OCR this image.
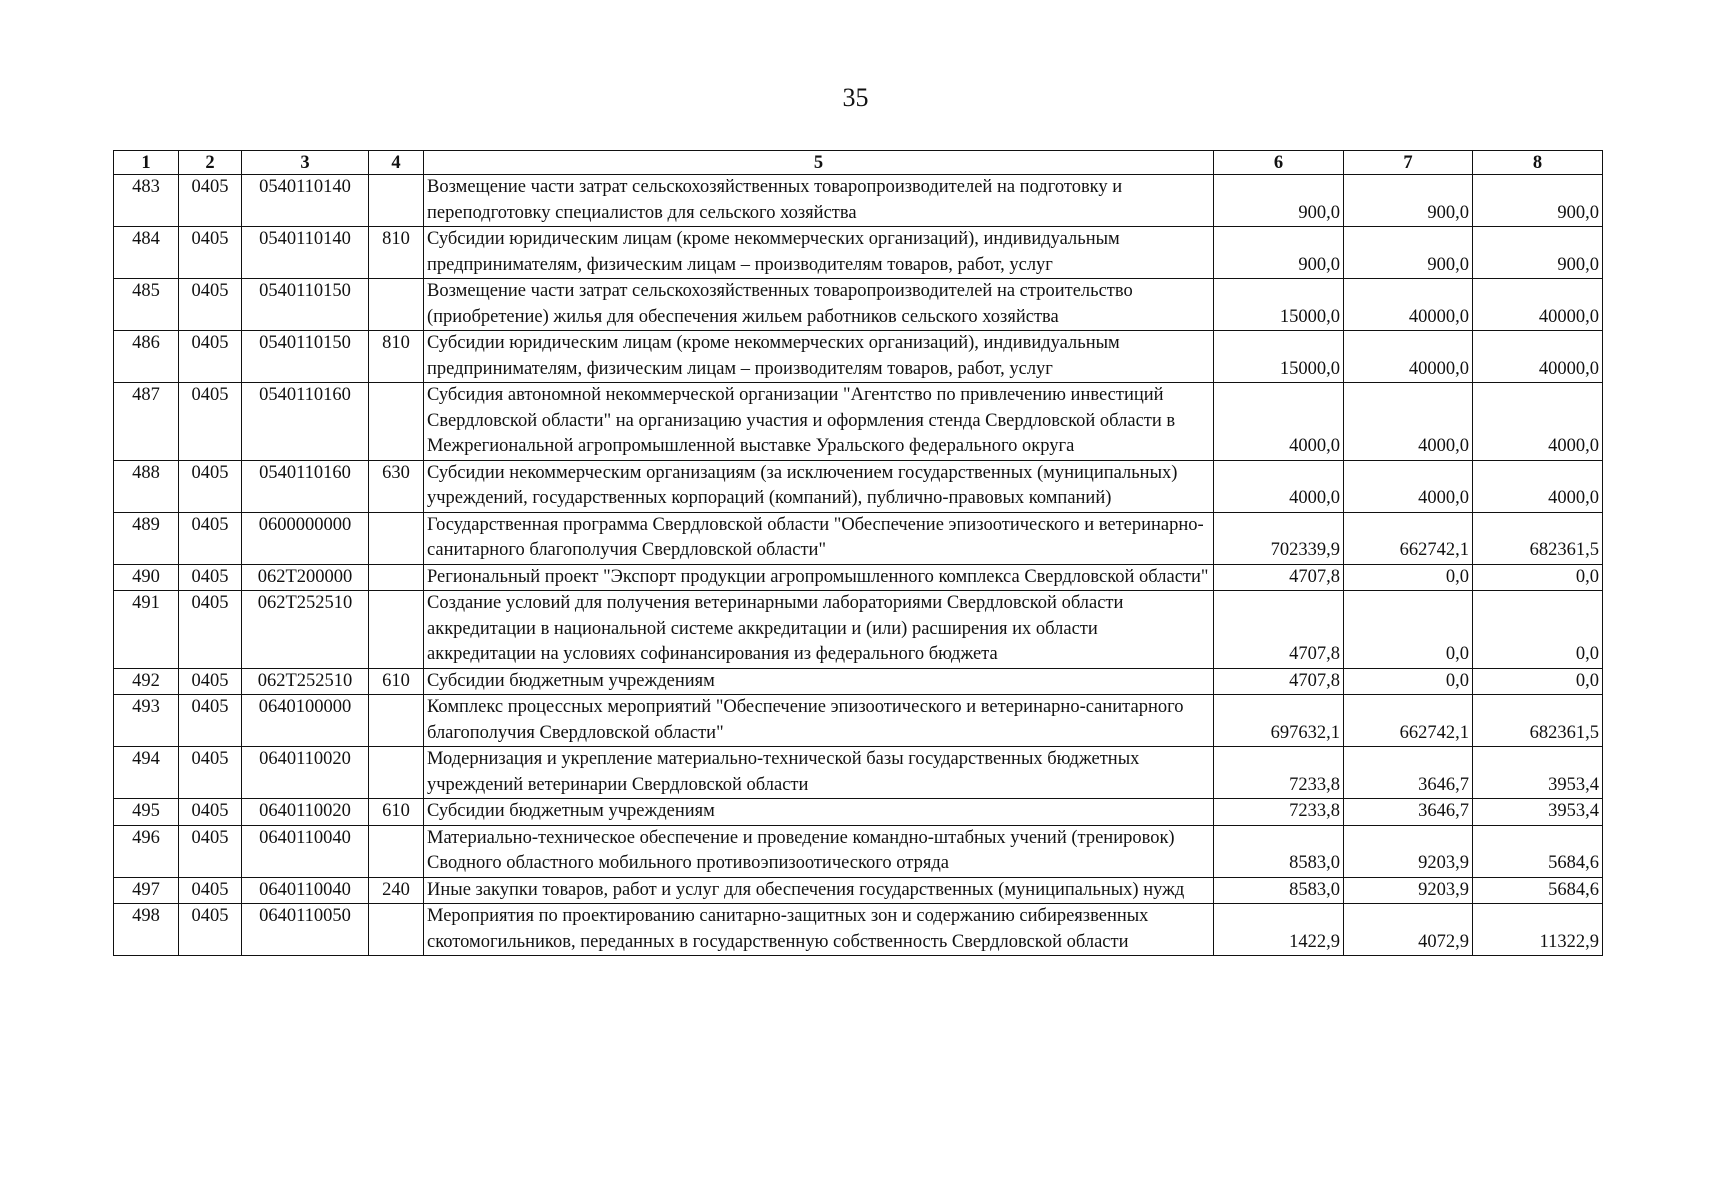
35
1	2	3	4	5	6	7	8
483	0405	0540110140		Возмещение части затрат сельскохозяйственных товаропроизводителей на подготовку и переподготовку специалистов для сельского хозяйства	900,0	900,0	900,0
484	0405	0540110140	810	Субсидии юридическим лицам (кроме некоммерческих организаций), индивидуальным предпринимателям, физическим лицам – производителям товаров, работ, услуг	900,0	900,0	900,0
485	0405	0540110150		Возмещение части затрат сельскохозяйственных товаропроизводителей на строительство (приобретение) жилья для обеспечения жильем работников сельского хозяйства	15000,0	40000,0	40000,0
486	0405	0540110150	810	Субсидии юридическим лицам (кроме некоммерческих организаций), индивидуальным предпринимателям, физическим лицам – производителям товаров, работ, услуг	15000,0	40000,0	40000,0
487	0405	0540110160		Субсидия автономной некоммерческой организации "Агентство по привлечению инвестиций Свердловской области" на организацию участия и оформления стенда Свердловской области в Межрегиональной агропромышленной выставке Уральского федерального округа	4000,0	4000,0	4000,0
488	0405	0540110160	630	Субсидии некоммерческим организациям (за исключением государственных (муниципальных) учреждений, государственных корпораций (компаний), публично-правовых компаний)	4000,0	4000,0	4000,0
489	0405	0600000000		Государственная программа Свердловской области "Обеспечение эпизоотического и ветеринарно-санитарного благополучия Свердловской области"	702339,9	662742,1	682361,5
490	0405	062T200000		Региональный проект "Экспорт продукции агропромышленного комплекса Свердловской области"	4707,8	0,0	0,0
491	0405	062T252510		Создание условий для получения ветеринарными лабораториями Свердловской области аккредитации в национальной системе аккредитации и (или) расширения их области аккредитации на условиях софинансирования из федерального бюджета	4707,8	0,0	0,0
492	0405	062T252510	610	Субсидии бюджетным учреждениям	4707,8	0,0	0,0
493	0405	0640100000		Комплекс процессных мероприятий "Обеспечение эпизоотического и ветеринарно-санитарного благополучия Свердловской области"	697632,1	662742,1	682361,5
494	0405	0640110020		Модернизация и укрепление материально-технической базы государственных бюджетных учреждений ветеринарии Свердловской области	7233,8	3646,7	3953,4
495	0405	0640110020	610	Субсидии бюджетным учреждениям	7233,8	3646,7	3953,4
496	0405	0640110040		Материально-техническое обеспечение и проведение командно-штабных учений (тренировок) Сводного областного мобильного противоэпизоотического отряда	8583,0	9203,9	5684,6
497	0405	0640110040	240	Иные закупки товаров, работ и услуг для обеспечения государственных (муниципальных) нужд	8583,0	9203,9	5684,6
498	0405	0640110050		Мероприятия по проектированию санитарно-защитных зон и содержанию сибиреязвенных скотомогильников, переданных в государственную собственность Свердловской области	1422,9	4072,9	11322,9
